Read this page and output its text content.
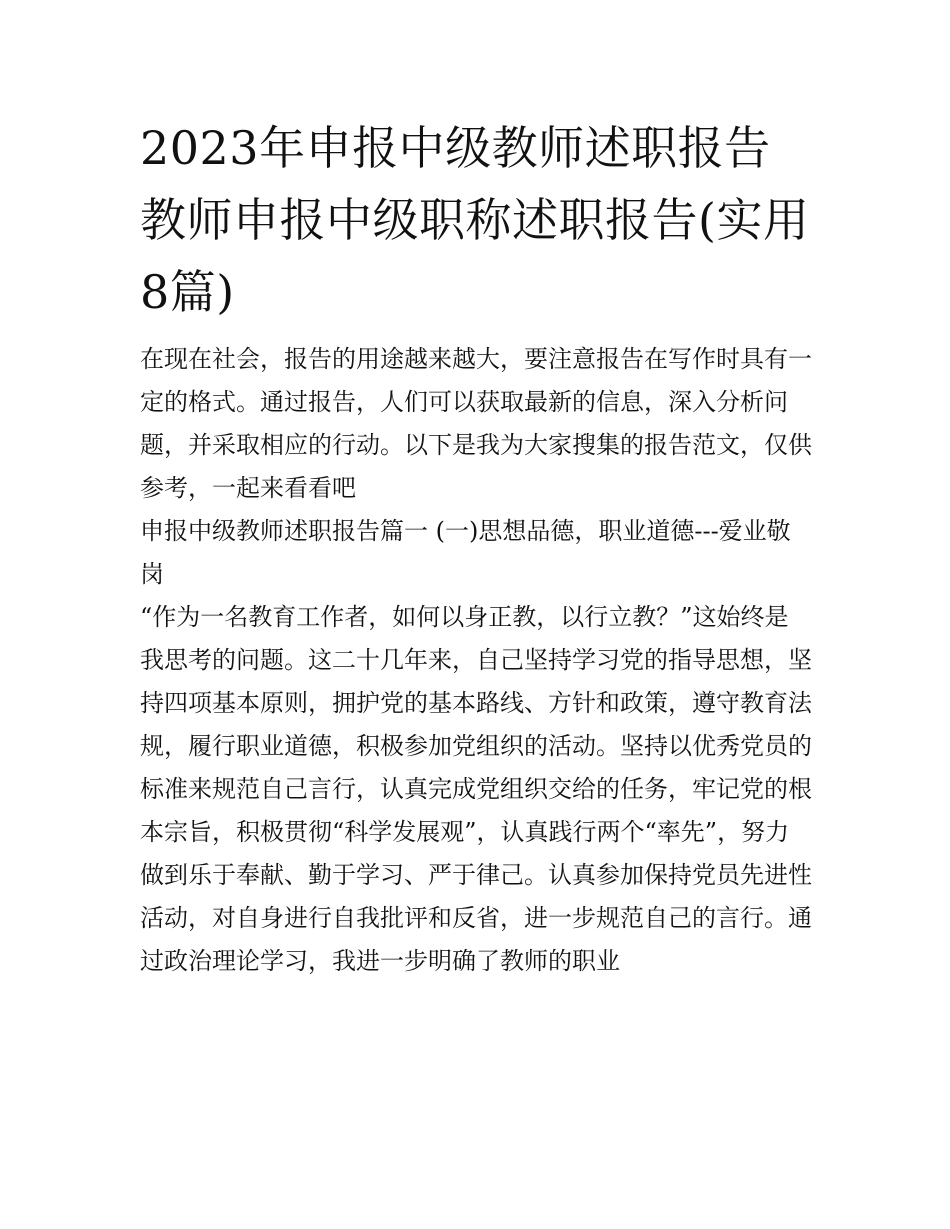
2023年申报中级教师述职报告 教师申报中级职称述职报告(实用8篇)

在现在社会，报告的用途越来越大，要注意报告在写作时具有一定的格式。通过报告，人们可以获取最新的信息，深入分析问题，并采取相应的行动。以下是我为大家搜集的报告范文，仅供参考，一起来看看吧

申报中级教师述职报告篇一 (一)思想品德，职业道德---爱业敬岗

“作为一名教育工作者，如何以身正教，以行立教？”这始终是我思考的问题。这二十几年来，自己坚持学习党的指导思想，坚持四项基本原则，拥护党的基本路线、方针和政策，遵守教育法规，履行职业道德，积极参加党组织的活动。坚持以优秀党员的标准来规范自己言行，认真完成党组织交给的任务，牢记党的根本宗旨，积极贯彻“科学发展观”，认真践行两个“率先”，努力做到乐于奉献、勤于学习、严于律己。认真参加保持党员先进性活动，对自身进行自我批评和反省，进一步规范自己的言行。通过政治理论学习，我进一步明确了教师的职业
